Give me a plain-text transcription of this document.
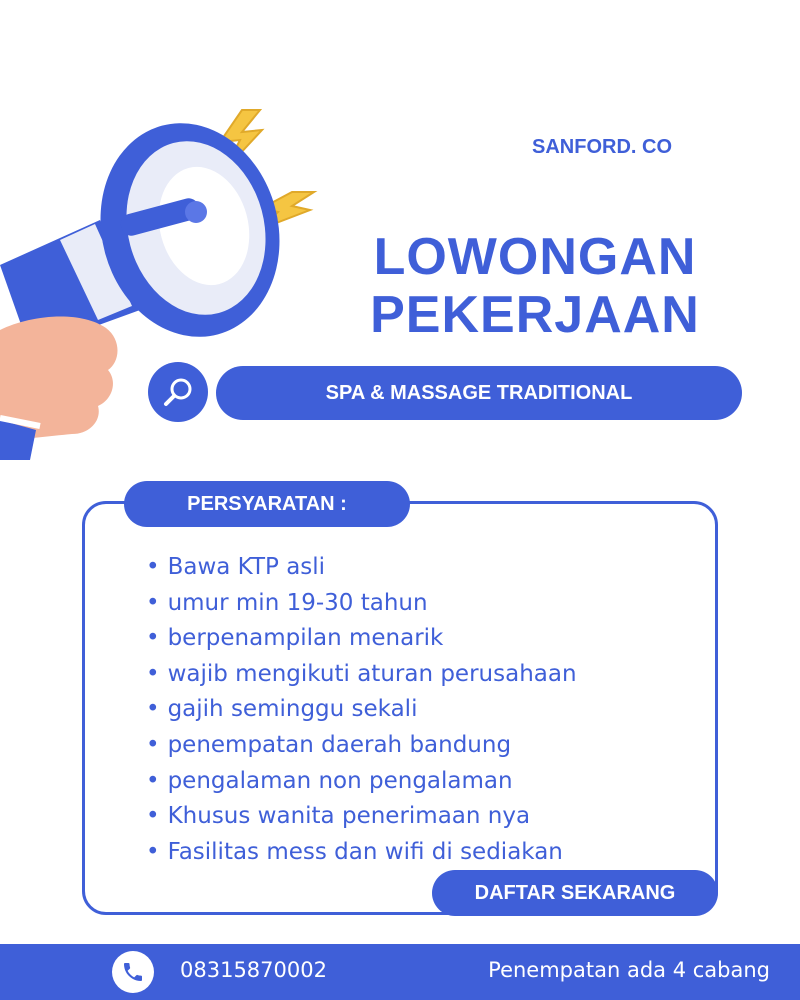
SANFORD. CO
LOWONGAN
PEKERJAAN
SPA & MASSAGE TRADITIONAL
PERSYARATAN :
• Bawa KTP asli
• umur min 19-30 tahun
• berpenampilan menarik
• wajib mengikuti aturan perusahaan
• gajih seminggu sekali
• penempatan daerah bandung
• pengalaman non pengalaman
• Khusus wanita penerimaan nya
• Fasilitas mess dan wifi di sediakan
DAFTAR SEKARANG
08315870002	Penempatan ada 4 cabang
